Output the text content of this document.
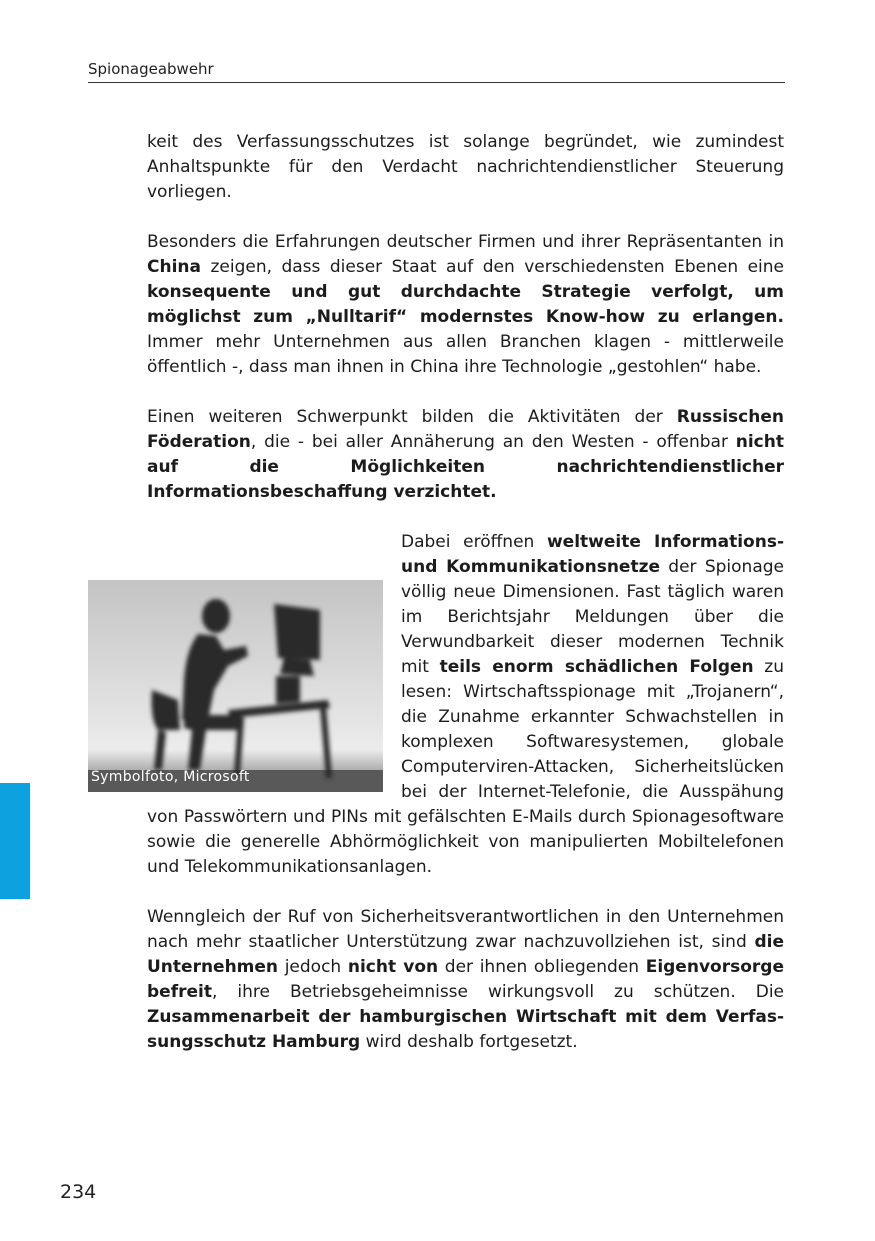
Spionageabwehr

keit des Verfassungsschutzes ist solange begründet, wie zumindest Anhaltspunkte für den Verdacht nachrichtendienstlicher Steuerung vorliegen.

Besonders die Erfahrungen deutscher Firmen und ihrer Repräsentanten in China zeigen, dass dieser Staat auf den verschiedensten Ebenen eine konsequente und gut durchdachte Strategie verfolgt, um möglichst zum „Nulltarif“ modernstes Know-how zu erlangen. Immer mehr Unternehmen aus allen Branchen klagen - mittlerweile öffentlich -, dass man ihnen in China ihre Technologie „gestohlen“ habe.

Einen weiteren Schwerpunkt bilden die Aktivitäten der Russischen Föderation, die - bei aller Annäherung an den Westen - offenbar nicht auf die Möglichkeiten nachrichtendienstlicher Informationsbeschaffung verzichtet.

Symbolfoto, Microsoft
Dabei eröffnen weltweite Informations- und Kommunikationsnetze der Spionage völlig neue Dimensionen. Fast täglich waren im Berichtsjahr Meldungen über die Verwundbarkeit dieser modernen Technik mit teils enorm schädlichen Folgen zu lesen: Wirtschaftsspionage mit „Trojanern“, die Zunahme erkannter Schwachstellen in komplexen Softwaresystemen, globale Computerviren-Attacken, Sicherheitslücken bei der Internet-Telefonie, die Ausspähung von Passwörtern und PINs mit gefälschten E-Mails durch Spionagesoftware sowie die generelle Abhörmöglichkeit von manipulierten Mobiltelefonen und Telekommunikationsanlagen.

Wenngleich der Ruf von Sicherheitsverantwortlichen in den Unternehmen nach mehr staatlicher Unterstützung zwar nachzuvollziehen ist, sind die Unternehmen jedoch nicht von der ihnen obliegenden Eigenvorsorge befreit, ihre Betriebsgeheimnisse wirkungsvoll zu schützen. Die Zusammenarbeit der hamburgischen Wirtschaft mit dem Verfassungsschutz Hamburg wird deshalb fortgesetzt.

234
